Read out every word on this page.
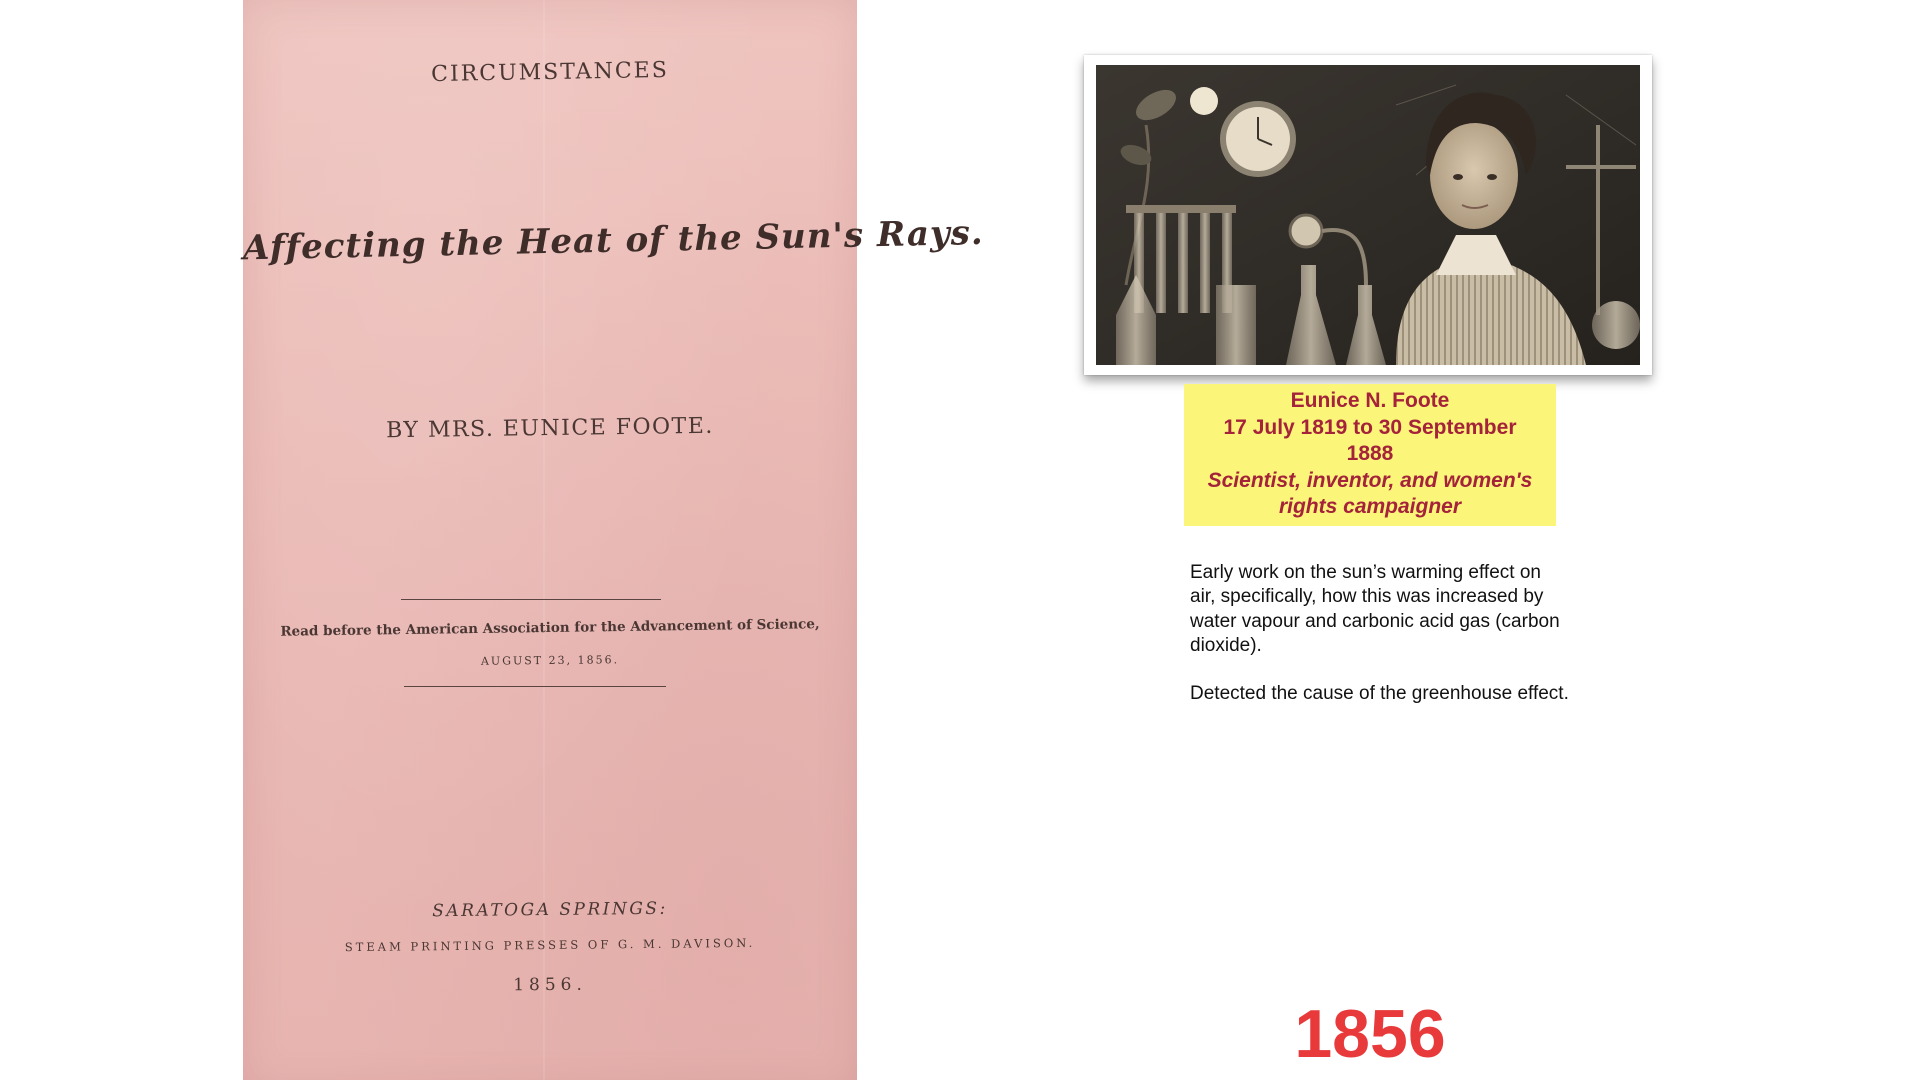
CIRCUMSTANCES
Affecting the Heat of the Sun's Rays.
BY MRS. EUNICE FOOTE.
Read before the American Association for the Advancement of Science,
AUGUST 23, 1856.
SARATOGA SPRINGS:
STEAM PRINTING PRESSES OF G. M. DAVISON.
1856.
Eunice N. Foote
17 July 1819 to 30 September
1888
Scientist, inventor, and women's
rights campaigner

Early work on the sun’s warming effect on air, specifically, how this was increased by water vapour and carbonic acid gas (carbon dioxide).

Detected the cause of the greenhouse effect.

1856
